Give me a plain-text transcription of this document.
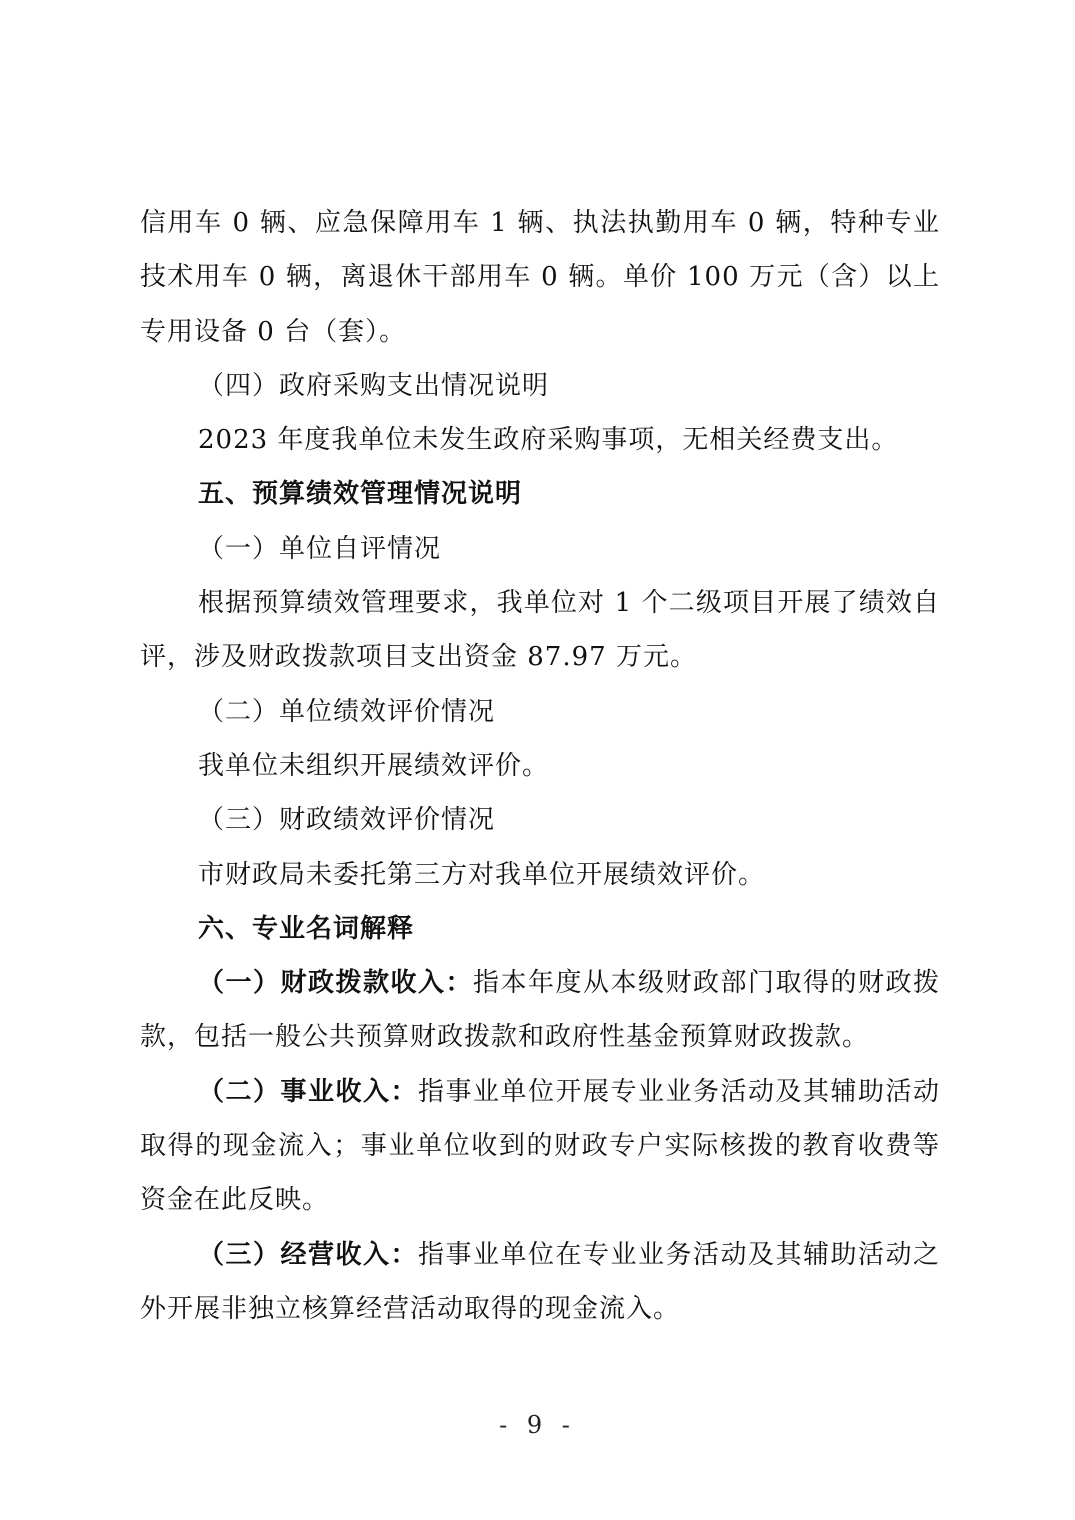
信用车 0 辆、应急保障用车 1 辆、执法执勤用车 0 辆，特种专业技术用车 0 辆，离退休干部用车 0 辆。单价 100 万元（含）以上专用设备 0 台（套）。

（四）政府采购支出情况说明

2023 年度我单位未发生政府采购事项，无相关经费支出。

五、预算绩效管理情况说明

（一）单位自评情况

根据预算绩效管理要求，我单位对 1 个二级项目开展了绩效自评，涉及财政拨款项目支出资金 87.97 万元。

（二）单位绩效评价情况

我单位未组织开展绩效评价。

（三）财政绩效评价情况

市财政局未委托第三方对我单位开展绩效评价。

六、专业名词解释

（一）财政拨款收入：指本年度从本级财政部门取得的财政拨款，包括一般公共预算财政拨款和政府性基金预算财政拨款。

（二）事业收入：指事业单位开展专业业务活动及其辅助活动取得的现金流入；事业单位收到的财政专户实际核拨的教育收费等资金在此反映。

（三）经营收入：指事业单位在专业业务活动及其辅助活动之外开展非独立核算经营活动取得的现金流入。

- 9 -
